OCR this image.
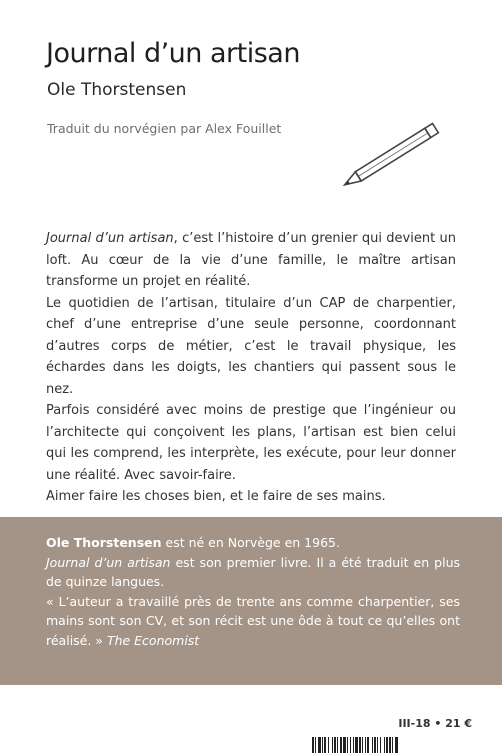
Journal d’un artisan

Ole Thorstensen

Traduit du norvégien par Alex Fouillet

Journal d’un artisan, c’est l’histoire d’un grenier qui devient un loft. Au cœur de la vie d’une famille, le maître artisan transforme un projet en réalité.

Le quotidien de l’artisan, titulaire d’un CAP de charpentier, chef d’une entreprise d’une seule personne, coordonnant d’autres corps de métier, c’est le travail physique, les échardes dans les doigts, les chantiers qui passent sous le nez.

Parfois considéré avec moins de prestige que l’ingénieur ou l’architecte qui conçoivent les plans, l’artisan est bien celui qui les comprend, les interprète, les exécute, pour leur donner une réalité. Avec savoir-faire.

Aimer faire les choses bien, et le faire de ses mains.

Ole Thorstensen est né en Norvège en 1965.

Journal d’un artisan est son premier livre. Il a été traduit en plus de quinze langues.

« L’auteur a travaillé près de trente ans comme charpentier, ses mains sont son CV, et son récit est une ôde à tout ce qu’elles ont réalisé. » The Economist

III-18 • 21 €
